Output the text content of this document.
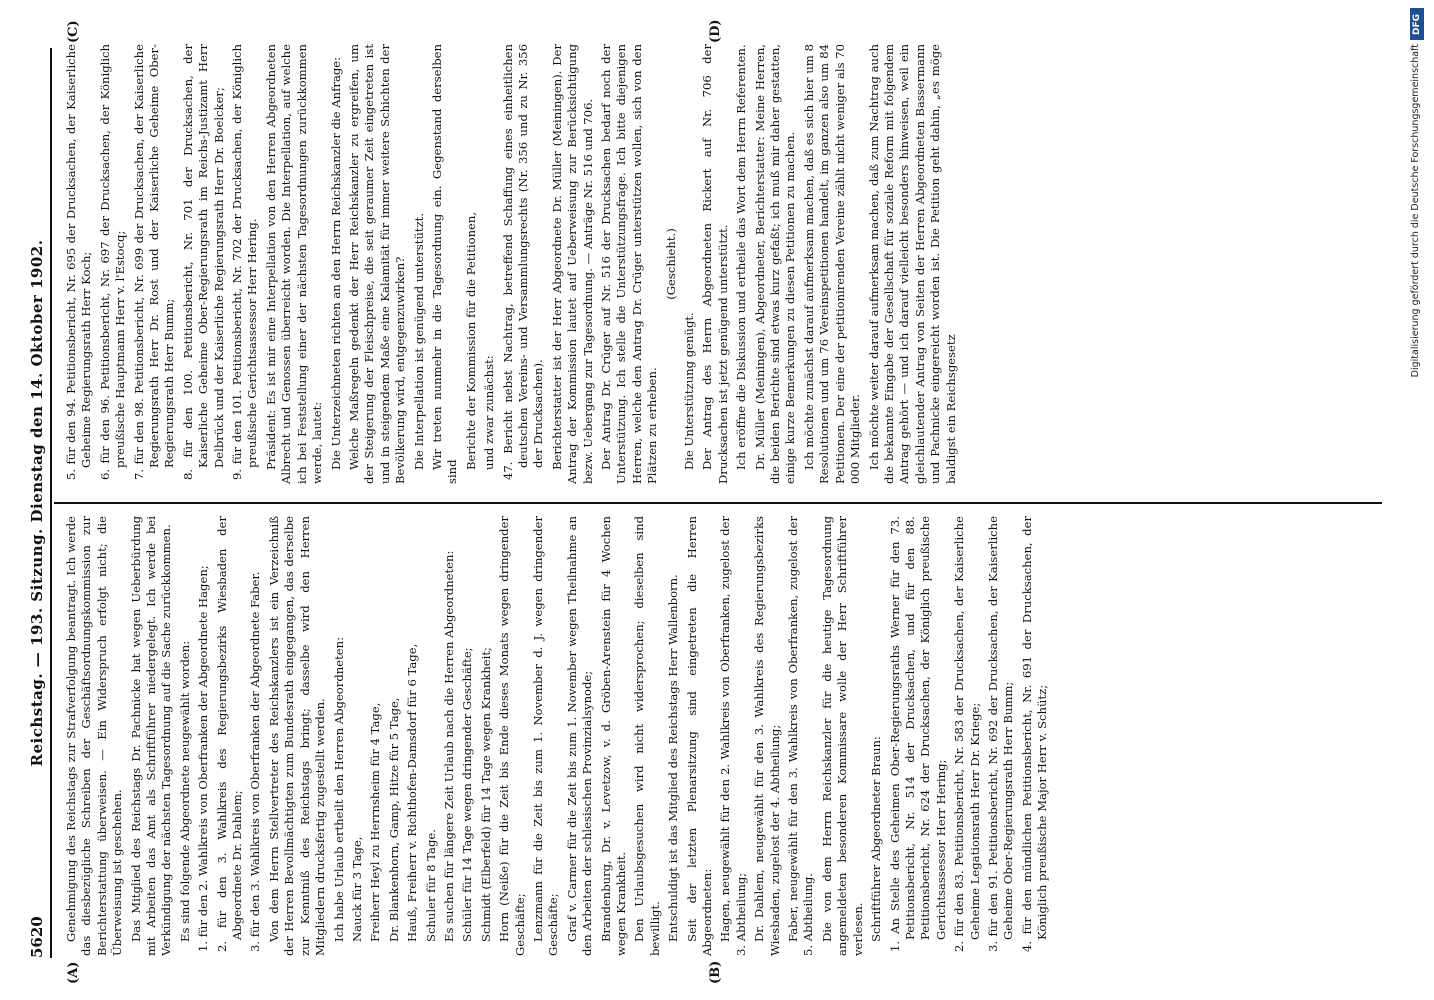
5620
Reichstag. — 193. Sitzung. Dienstag den 14. Oktober 1902.
(A)	(B)
(C)	(D)

Genehmigung des Reichstags zur Strafverfolgung beantragt. Ich werde das diesbezügliche Schreiben der Geschäftsordnungskommission zur Berichterstattung überweisen. — Ein Widerspruch erfolgt nicht; die Überweisung ist geschehen. Das Mitglied des Reichstags Dr. Pachnicke hat wegen Ueberbürdung mit Arbeiten das Amt als Schriftführer niedergelegt. Ich werde bei Verkündigung der nächsten Tagesordnung auf die Sache zurückkommen. Es sind folgende Abgeordnete neugewählt worden: 1. für den 2. Wahlkreis von Oberfranken der Abgeordnete Hagen; 2. für den 3. Wahlkreis des Regierungsbezirks Wiesbaden der Abgeordnete Dr. Dahlem; 3. für den 3. Wahlkreis von Oberfranken der Abgeordnete Faber. Von dem Herrn Stellvertreter des Reichskanzlers ist ein Verzeichniß der Herren Bevollmächtigten zum Bundesrath eingegangen, das derselbe zur Kenntniß des Reichstags bringt; dasselbe wird den Herren Mitgliedern drucksfertig zugestellt werden. Ich habe Urlaub ertheilt den Herren Abgeordneten: Nauck für 3 Tage, Freiherr Heyl zu Herrnsheim für 4 Tage, Dr. Blankenhorn, Gamp, Hitze für 5 Tage, Hauß, Freiherr v. Richthofen-Damsdorf für 6 Tage, Schuler für 8 Tage. Es suchen für längere Zeit Urlaub nach die Herren Abgeordneten: Schüler für 14 Tage wegen dringender Geschäfte; Schmidt (Elberfeld) für 14 Tage wegen Krankheit; Horn (Neiße) für die Zeit bis Ende dieses Monats wegen dringender Geschäfte; Lenzmann für die Zeit bis zum 1. November d. J. wegen dringender Geschäfte; Graf v. Carmer für die Zeit bis zum 1. November wegen Theilnahme an den Arbeiten der schlesischen Provinzialsynode; Brandenburg, Dr. v. Levetzow, v. d. Gröben-Arenstein für 4 Wochen wegen Krankheit. Den Urlaubsgesuchen wird nicht widersprochen; dieselben sind bewilligt. Entschuldigt ist das Mitglied des Reichstags Herr Wallenborn. Seit der letzten Plenarsitzung sind eingetreten die Herren Abgeordneten: Hagen, neugewählt für den 2. Wahlkreis von Oberfranken, zugelost der 3. Abtheilung; Dr. Dahlem, neugewählt für den 3. Wahlkreis des Regierungsbezirks Wiesbaden, zugelost der 4. Abtheilung; Faber, neugewählt für den 3. Wahlkreis von Oberfranken, zugelost der 5. Abtheilung. Die von dem Herrn Reichskanzler für die heutige Tagesordnung angemeldeten besonderen Kommissare wolle der Herr Schriftführer verlesen. Schriftführer Abgeordneter Braun: 1. An Stelle des Geheimen Ober-Regierungsraths Werner für den 73. Petitionsbericht, Nr. 514 der Drucksachen, und für den 88. Petitionsbericht, Nr. 624 der Drucksachen, der Königlich preußische Gerichtsassessor Herr Hering; 2. für den 83. Petitionsbericht, Nr. 583 der Drucksachen, der Kaiserliche Geheime Legationsrath Herr Dr. Kriege; 3. für den 91. Petitionsbericht, Nr. 692 der Drucksachen, der Kaiserliche Geheime Ober-Regierungsrath Herr Bumm; 4. für den mündlichen Petitionsbericht, Nr. 691 der Drucksachen, der Königlich preußische Major Herr v. Schütz;

5. für den 94. Petitionsbericht, Nr. 695 der Drucksachen, der Kaiserliche Geheime Regierungsrath Herr Koch; 6. für den 96. Petitionsbericht, Nr. 697 der Drucksachen, der Königlich preußische Hauptmann Herr v. l'Estocq; 7. für den 98. Petitionsbericht, Nr. 699 der Drucksachen, der Kaiserliche Regierungsrath Herr Dr. Rost und der Kaiserliche Geheime Ober-Regierungsrath Herr Bumm; 8. für den 100. Petitionsbericht, Nr. 701 der Drucksachen, der Kaiserliche Geheime Ober-Regierungsrath im Reichs-Justizamt Herr Delbrück und der Kaiserliche Regierungsrath Herr Dr. Boelcker; 9. für den 101. Petitionsbericht, Nr. 702 der Drucksachen, der Königlich preußische Gerichtsassessor Herr Hering. Präsident: Es ist mir eine Interpellation von den Herren Abgeordneten Albrecht und Genossen überreicht worden. Die Interpellation, auf welche ich bei Feststellung einer der nächsten Tagesordnungen zurückkommen werde, lautet: Die Unterzeichneten richten an den Herrn Reichskanzler die Anfrage: Welche Maßregeln gedenkt der Herr Reichskanzler zu ergreifen, um der Steigerung der Fleischpreise, die seit geraumer Zeit eingetreten ist und in steigendem Maße eine Kalamität für immer weitere Schichten der Bevölkerung wird, entgegenzuwirken? Die Interpellation ist genügend unterstützt. Wir treten nunmehr in die Tagesordnung ein. Gegenstand derselben sind

Berichte der Kommission für die Petitionen, und zwar zunächst: 47. Bericht nebst Nachtrag, betreffend Schaffung eines einheitlichen deutschen Vereins- und Versammlungsrechts (Nr. 356 und zu Nr. 356 der Drucksachen). Berichterstatter ist der Herr Abgeordnete Dr. Müller (Meiningen). Der Antrag der Kommission lautet auf Ueberweisung zur Berücksichtigung bezw. Uebergang zur Tagesordnung. — Anträge Nr. 516 und 706. Der Antrag Dr. Crüger auf Nr. 516 der Drucksachen bedarf noch der Unterstützung. Ich stelle die Unterstützungsfrage. Ich bitte diejenigen Herren, welche den Antrag Dr. Crüger unterstützen wollen, sich von den Plätzen zu erheben.

(Geschieht.)

Die Unterstützung genügt. Der Antrag des Herrn Abgeordneten Rickert auf Nr. 706 der Drucksachen ist jetzt genügend unterstützt. Ich eröffne die Diskussion und ertheile das Wort dem Herrn Referenten. Dr. Müller (Meiningen), Abgeordneter, Berichterstatter: Meine Herren, die beiden Berichte sind etwas kurz gefaßt; ich muß mir daher gestatten, einige kurze Bemerkungen zu diesen Petitionen zu machen. Ich möchte zunächst darauf aufmerksam machen, daß es sich hier um 8 Resolutionen und um 76 Vereinspetitionen handelt, im ganzen also um 84 Petitionen. Der eine der petitionirenden Vereine zählt nicht weniger als 70 000 Mitglieder. Ich möchte weiter darauf aufmerksam machen, daß zum Nachtrag auch die bekannte Eingabe der Gesellschaft für soziale Reform mit folgendem Antrag gehört — und ich darauf vielleicht besonders hinweisen, weil ein gleichlautender Antrag von Seiten der Herren Abgeordneten Bassermann und Pachnicke eingereicht worden ist. Die Petition geht dahin, „es möge baldigst ein Reichsgesetz

DFG
Digitalisierung gefördert durch die Deutsche Forschungsgemeinschaft
